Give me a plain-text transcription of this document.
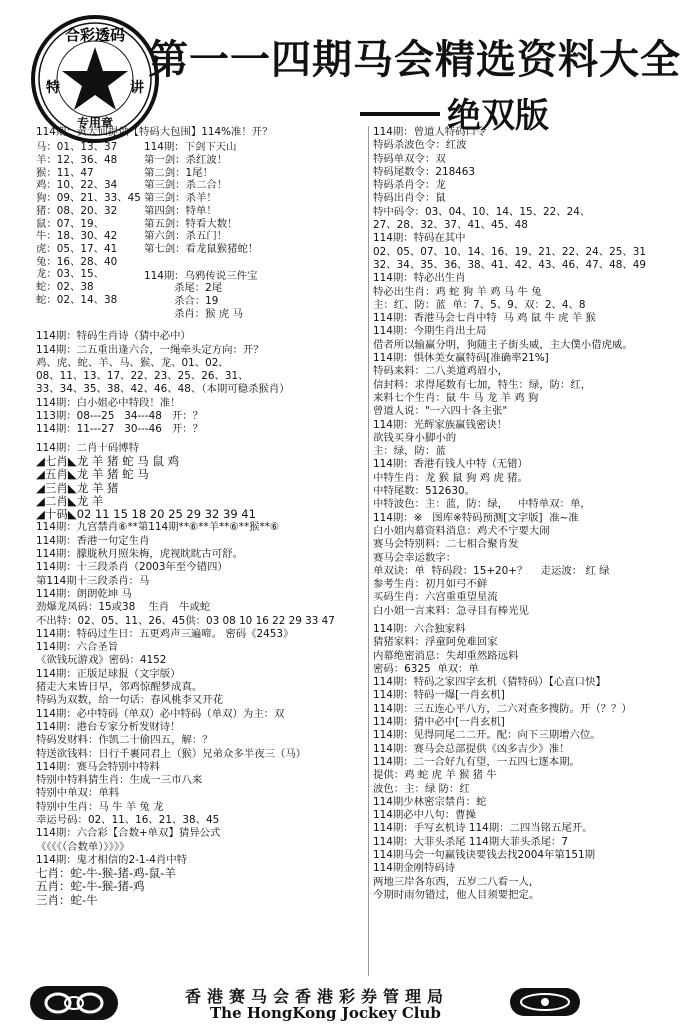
合彩透码
专用章
特	讲
第一一四期马会精选资料大全
绝双版
114期：黄大仙提供【特码大包围】114%准！开？
马：01、13、37
羊：12、36、48
猴：11、47
鸡：10、22、34
狗：09、21、33、45
猪：08、20、32
鼠：07、19、
牛：18、30、42
虎：05、17、41
兔：16、28、40
龙：03、15、
蛇：02、38
蛇：02、14、38
114期：下剑下天山
第一剑：杀红波！
第二剑：1尾！
第三剑：杀二合！
第三剑：杀羊！
第四剑：特单！
第五剑：特看大数！
第六剑：杀五门！
第七剑：看龙鼠猴猪蛇！
114期：乌鸦传说三件宝
杀尾：2尾
杀合：19
杀肖：猴 虎 马
114期：特码生肖诗（猜中必中）
114期：二五重出逢六合，一绳牵头定方向：开？
鸡、虎、蛇、羊、马、猴、龙、01、02、
08、11、13、17、22、23、25、26、31、
33、34、35、38、42、46、48、（本期可稳杀猴肖）
114期：白小姐必中特段！准！
113期：08---25   34---48   开：？
114期：11---27   30---46   开：？
114期：二肖十码博特
◢七肖◣龙 羊 猪 蛇 马 鼠 鸡
◢五肖◣龙 羊 猪 蛇 马
◢三肖◣龙 羊 猪
◢二肖◣龙 羊
◢十码◣02 11 15 18 20 25 29 32 39 41
114期：九宫禁肖⑥**第114期**⑥**羊**⑥**猴**⑥
114期：香港一句定生肖
114期：朦胧秋月照朱梅，虎视眈眈古可舒。
114期：十三段杀肖（2003年至今错四）
第114期十三段杀肖：马
114期：朗朗乾坤 马
劲爆龙凤码：15或38    生肖   牛或蛇
不出特：02、05、11、26、45供：03 08 10 16 22 29 33 47
114期：特码过生日：五更鸡声三遍啼。 密码《2453》
114期：六合圣旨
《欲钱玩游戏》密码：4152
114期：正版足球报（文字版）
猪走大来皆日早，邻鸡惊醒梦成真。
特码为双数，给一句话：春风桃李又开花
114期：必中特码（单双）必中特码（单双）为主：双
114期：港台专家分析发财诗！
特码发财料：作凯二十偷四五，解：？
特送欲钱料：日行千裹同君上（猴）兄弟众多半夜三（马）
114期：赛马会特别中特料
特别中特料猜生肖：生成一三市八来
特别中单双：单料
特别中生肖：马 牛 羊 兔 龙
幸运号码：02、11、16、21、38、45
114期：六合彩【合数+单双】猜异公式
《《《《（合数单）》》》》
114期：鬼才相信的2-1-4肖中特
七肖：蛇-牛-猴-猪-鸡-鼠-羊
五肖：蛇-牛-猴-猪-鸡
三肖：蛇-牛
114期：曾道人特码口令
特码杀波色令：红波
特码单双令：双
特码尾数令：218463
特码杀肖令：龙
特码出肖令：鼠
特中码令：03、04、10、14、15、22、24、
27、28、32、37、41、45、48
114期：特码在其中
02、05、07、10、14、16、19、21、22、24、25、31
32、34、35、36、38、41、42、43、46、47、48、49
114期：特必出生肖
特必出生肖：鸡 蛇 狗 羊 鸡 马 牛 兔
主：红、防：蓝  单：7、5、9、双：2、4、8
114期：香港马会七肖中特  马 鸡 鼠 牛 虎 羊 猴
114期：今期生肖出土局
借者所以输赢分明，狗随主子街头威，主大僕小借虎威。
114期：惧休美女赢特码[准确率21%]
特码来料：二八美道鸡眉小，
信封料：求得尾数有七加，特生：绿，防：红，
来料七个生肖：鼠 牛 马 龙 羊 鸡 狗
曾道人说："一六四十各主张"
114期：光辉家族赢钱密诀！
欲钱买身小脚小的
主：绿，防：蓝
114期：香港有钱人中特（无错）
中特生肖：龙 猴 鼠 狗 鸡 虎 猪。
中特尾数：512630。
中特波色：主：蓝，防：绿，   中特单双：单，
114期：※   图库※特码预测[文字版]  准~准
白小姐内幕资料消息：鸡犬不宁要大闹
赛马会特别料：二七相合聚肯发
赛马会幸运数字：
单双诀：单  特码段：15+20+？    走运波： 红 绿
参考生肖：初月如弓不鲜
买码生肖：六宫重重望星流
白小姐一言来料：急寻目有棒光见
114期：六合独家料
猜猪家料：浮童阿免难回家
内幕绝密消息：失却重然路远料
密码：6325  单双：单
114期：特码之家四字玄机（猜特码）【心直口快】
114期：特码一爆[一肖玄机]
114期：三五连心平八方，二六对查多搜防。开（？？）
114期：猜中必中[一肖玄机]
114期：见得同尾二二开。配：向下三期增六位。
114期：赛马会总部提供《凶多吉少》准！
114期：二一合好九有望，一五四七逐本期。
提供：鸡 蛇 虎 羊 猴 猪 牛
波色：主：绿 防：红
114期少林密宗禁肖：蛇
114期必中八句：曹操
114期：手写玄机诗 114期：二四当铭五尾开。
114期：大菲头杀尾 114期大菲头杀尾：7
114期马会一句赢钱诀要钱去找2004年第151期
114期金刚特码诗
两地三岸各东西，五岁二八看一人，
今期时雨勿错过，他人目须要把定。
香港赛马会香港彩券管理局
The HongKong Jockey Club
